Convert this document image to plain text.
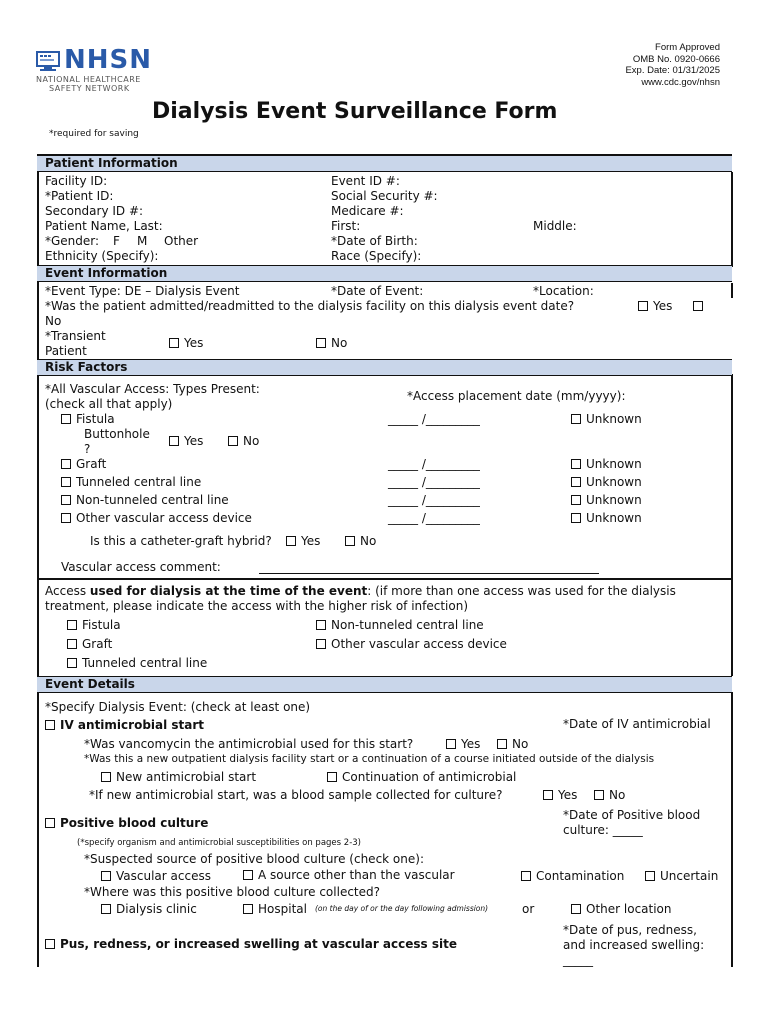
NHSN
NATIONAL HEALTHCARE
SAFETY NETWORK
Dialysis Event Surveillance Form
*required for saving
Form Approved
OMB No. 0920-0666
Exp. Date: 01/31/2025
www.cdc.gov/nhsn
Patient Information
Facility ID:	Event ID #:
*Patient ID:	Social Security #:
Secondary ID #:	Medicare #:
Patient Name, Last:	First:	Middle:
*Gender: F M Other	*Date of Birth:
Ethnicity (Specify):	Race (Specify):
Event Information
*Event Type: DE – Dialysis Event	*Date of Event:	*Location:
*Was the patient admitted/readmitted to the dialysis facility on this dialysis event date?	Yes
No
*Transient
Patient
Yes	No
Risk Factors
*All Vascular Access: Types Present:
(check all that apply)
*Access placement date (mm/yyyy):
Fistula	_____ /_________	Unknown
Buttonhole
?
Yes	No
Graft	_____ /_________	Unknown
Tunneled central line	_____ /_________	Unknown
Non-tunneled central line	_____ /_________	Unknown
Other vascular access device	_____ /_________	Unknown
Is this a catheter-graft hybrid?	Yes	No
Vascular access comment:
Access used for dialysis at the time of the event: (if more than one access was used for the dialysis
treatment, please indicate the access with the higher risk of infection)
Fistula	Non-tunneled central line
Graft	Other vascular access device
Tunneled central line
Event Details
*Specify Dialysis Event: (check at least one)
IV antimicrobial start	*Date of IV antimicrobial
*Was vancomycin the antimicrobial used for this start?	Yes	No
*Was this a new outpatient dialysis facility start or a continuation of a course initiated outside of the dialysis
New antimicrobial start	Continuation of antimicrobial
*If new antimicrobial start, was a blood sample collected for culture?	Yes	No
Positive blood culture
*Date of Positive blood
culture: _____
(*specify organism and antimicrobial susceptibilities on pages 2-3)
*Suspected source of positive blood culture (check one):
Vascular access	A source other than the vascular	Contamination	Uncertain
*Where was this positive blood culture collected?
Dialysis clinic	Hospital (on the day of or the day following admission)	or	Other location
Pus, redness, or increased swelling at vascular access site
*Date of pus, redness,
and increased swelling:
_____
